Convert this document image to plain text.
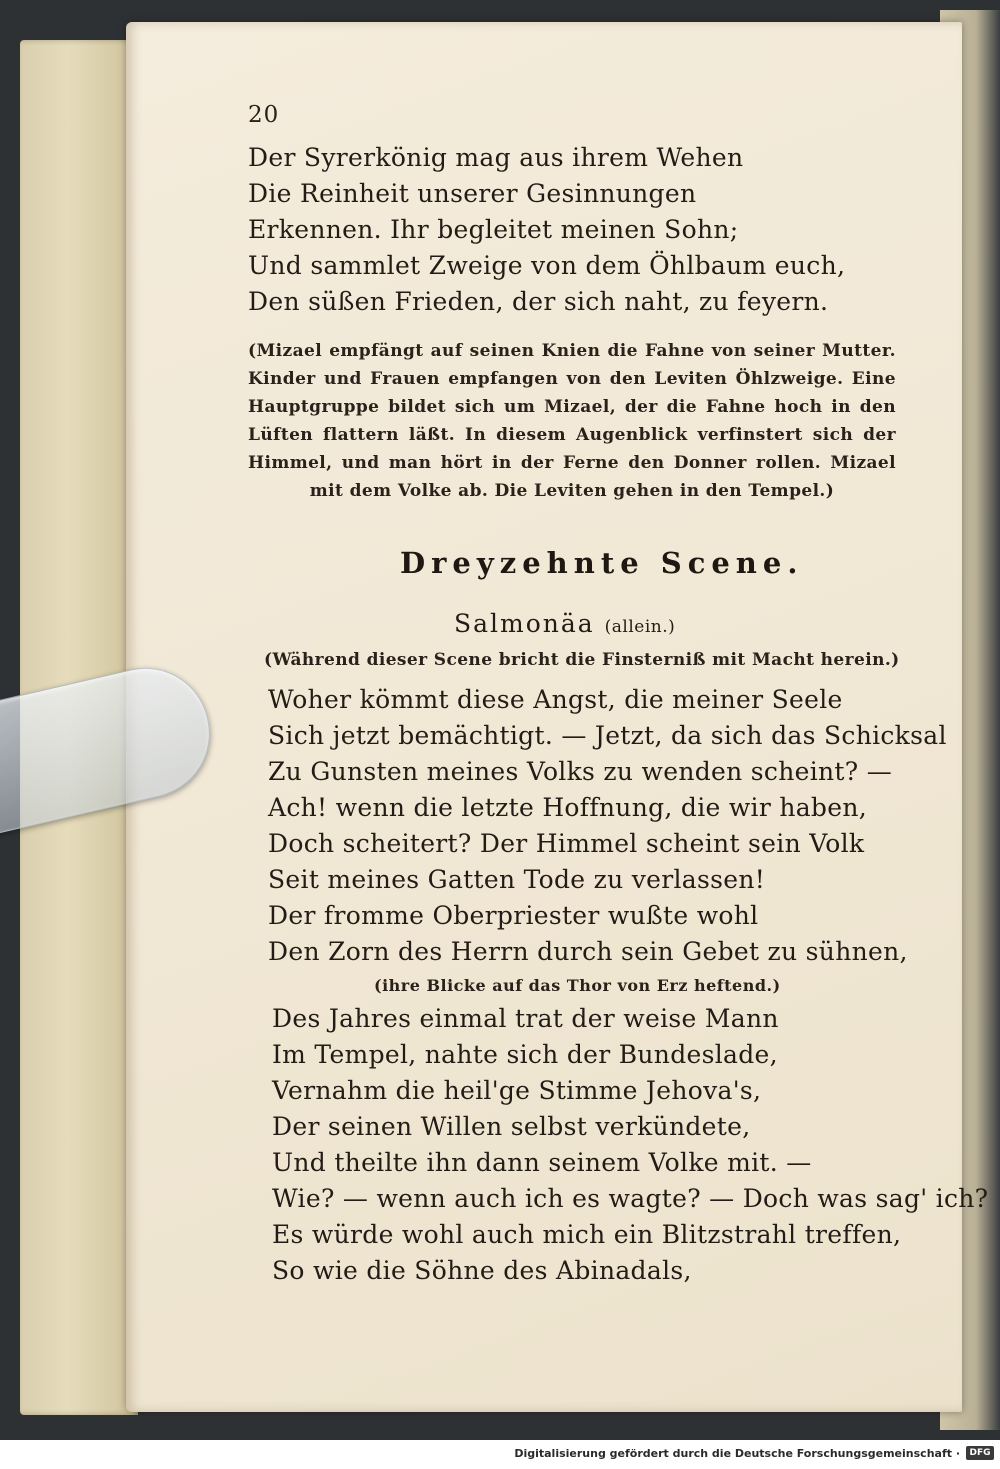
20
Der Syrerkönig mag aus ihrem Wehen
Die Reinheit unserer Gesinnungen
Erkennen. Ihr begleitet meinen Sohn;
Und sammlet Zweige von dem Öhlbaum euch,
Den süßen Frieden, der sich naht, zu feyern.
(Mizael empfängt auf seinen Knien die Fahne von seiner Mutter. Kinder und Frauen empfangen von den Leviten Öhlzweige. Eine Hauptgruppe bildet sich um Mizael, der die Fahne hoch in den Lüften flattern läßt. In diesem Augenblick verfinstert sich der Himmel, und man hört in der Ferne den Donner rollen. Mizael mit dem Volke ab. Die Leviten gehen in den Tempel.)
Dreyzehnte Scene.
Salmonäa (allein.)
(Während dieser Scene bricht die Finsterniß mit Macht herein.)
Woher kömmt diese Angst, die meiner Seele
Sich jetzt bemächtigt. — Jetzt, da sich das Schicksal
Zu Gunsten meines Volks zu wenden scheint? —
Ach! wenn die letzte Hoffnung, die wir haben,
Doch scheitert? Der Himmel scheint sein Volk
Seit meines Gatten Tode zu verlassen!
Der fromme Oberpriester wußte wohl
Den Zorn des Herrn durch sein Gebet zu sühnen,
(ihre Blicke auf das Thor von Erz heftend.)
Des Jahres einmal trat der weise Mann
Im Tempel, nahte sich der Bundeslade,
Vernahm die heil'ge Stimme Jehova's,
Der seinen Willen selbst verkündete,
Und theilte ihn dann seinem Volke mit. —
Wie? — wenn auch ich es wagte? — Doch was sag' ich?
Es würde wohl auch mich ein Blitzstrahl treffen,
So wie die Söhne des Abinadals,
Digitalisierung gefördert durch die Deutsche Forschungsgemeinschaft ·	DFG
